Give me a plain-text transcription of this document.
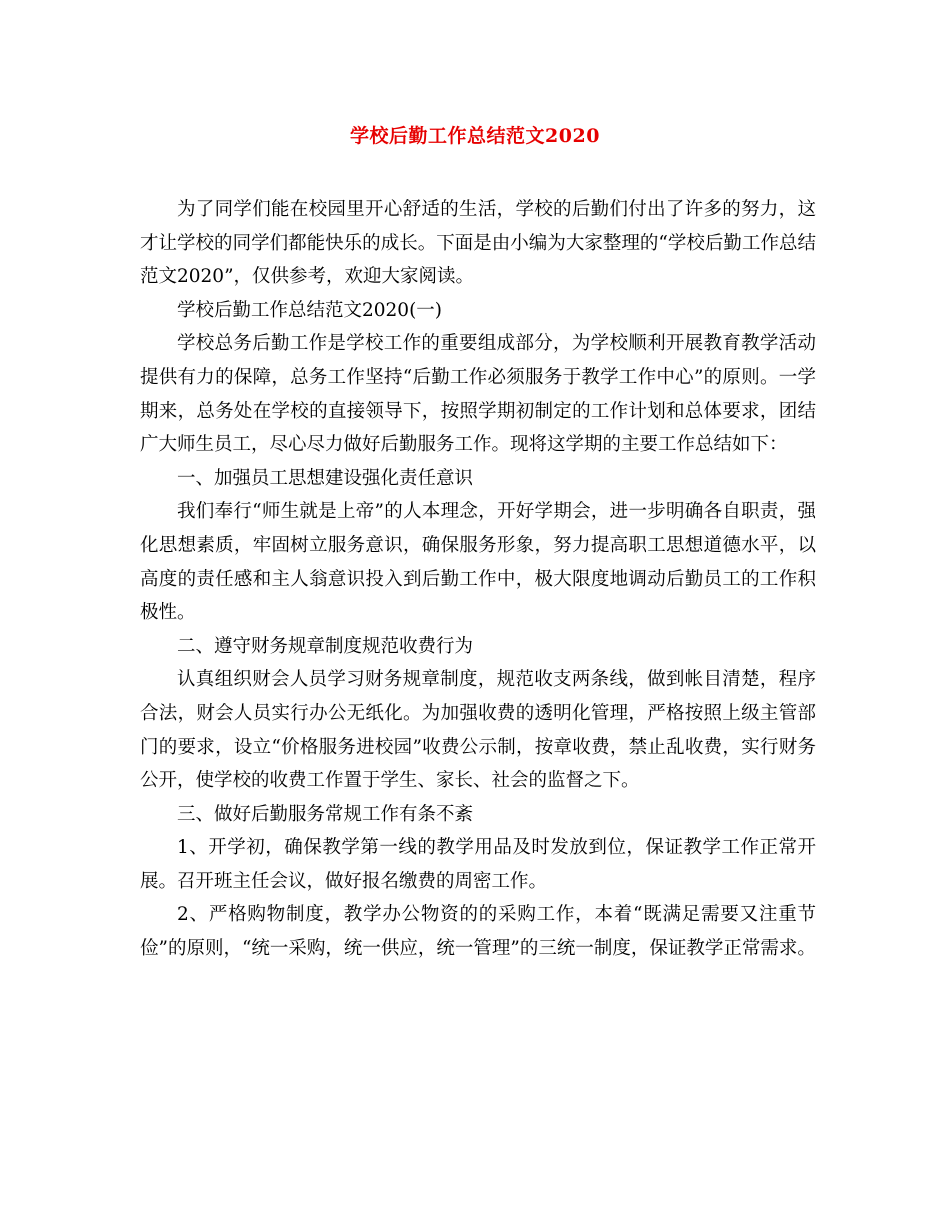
学校后勤工作总结范文2020

为了同学们能在校园里开心舒适的生活，学校的后勤们付出了许多的努力，这才让学校的同学们都能快乐的成长。下面是由小编为大家整理的“学校后勤工作总结范文2020”，仅供参考，欢迎大家阅读。

学校后勤工作总结范文2020(一)

学校总务后勤工作是学校工作的重要组成部分，为学校顺利开展教育教学活动提供有力的保障，总务工作坚持“后勤工作必须服务于教学工作中心”的原则。一学期来，总务处在学校的直接领导下，按照学期初制定的工作计划和总体要求，团结广大师生员工，尽心尽力做好后勤服务工作。现将这学期的主要工作总结如下：

一、加强员工思想建设强化责任意识

我们奉行“师生就是上帝”的人本理念，开好学期会，进一步明确各自职责，强化思想素质，牢固树立服务意识，确保服务形象，努力提高职工思想道德水平，以高度的责任感和主人翁意识投入到后勤工作中，极大限度地调动后勤员工的工作积极性。

二、遵守财务规章制度规范收费行为

认真组织财会人员学习财务规章制度，规范收支两条线，做到帐目清楚，程序合法，财会人员实行办公无纸化。为加强收费的透明化管理，严格按照上级主管部门的要求，设立“价格服务进校园”收费公示制，按章收费，禁止乱收费，实行财务公开，使学校的收费工作置于学生、家长、社会的监督之下。

三、做好后勤服务常规工作有条不紊

1、开学初，确保教学第一线的教学用品及时发放到位，保证教学工作正常开展。召开班主任会议，做好报名缴费的周密工作。

2、严格购物制度，教学办公物资的的采购工作，本着“既满足需要又注重节俭”的原则，“统一采购，统一供应，统一管理”的三统一制度，保证教学正常需求。
